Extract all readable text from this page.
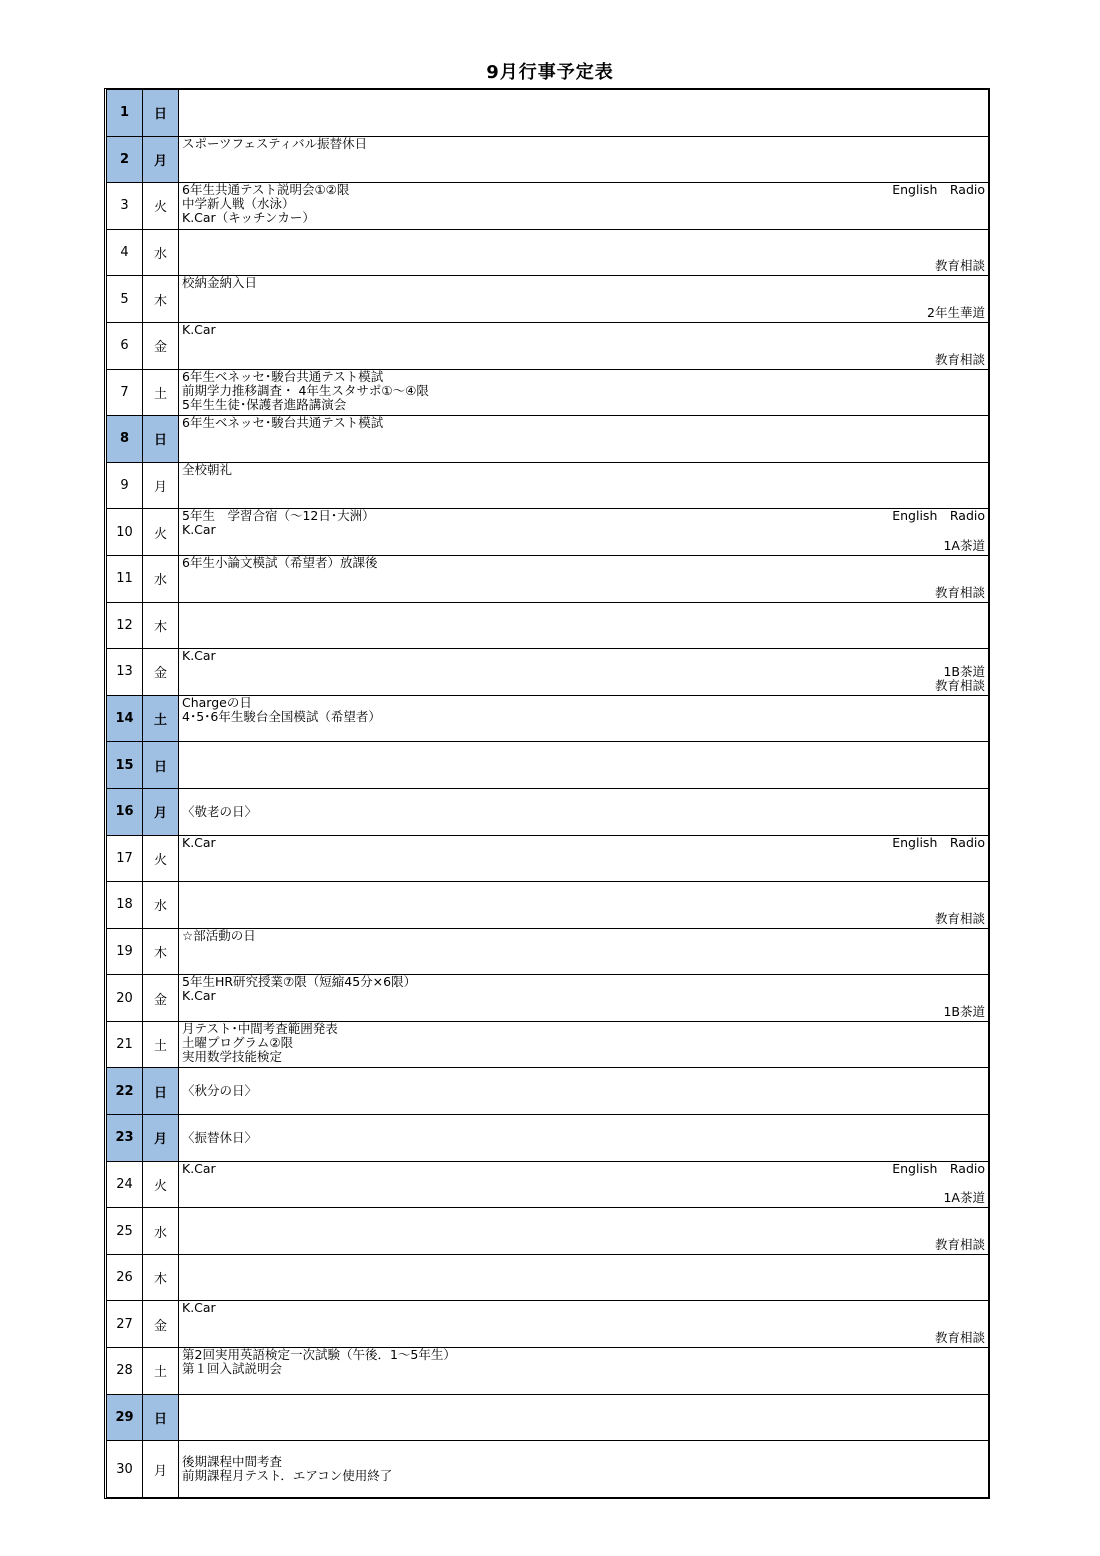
9月行事予定表
1	日
2	月
スポーツフェスティバル振替休日
3	火
6年生共通テスト説明会①②限
中学新人戦（水泳）
K.Car（キッチンカー）
English　Radio
4	水
教育相談
5	木
校納金納入日
2年生華道
6	金
K.Car
教育相談
7	土
6年生ベネッセ･駿台共通テスト模試
前期学力推移調査・ 4年生スタサポ①～④限
5年生生徒･保護者進路講演会
8	日
6年生ベネッセ･駿台共通テスト模試
9	月
全校朝礼
10	火
5年生　学習合宿（～12日･大洲）
K.Car
English　Radio
1A茶道
11	水
6年生小論文模試（希望者）放課後
教育相談
12	木
13	金
K.Car
1B茶道
教育相談
14	土
Chargeの日
4･5･6年生駿台全国模試（希望者）
15	日
16	月	〈敬老の日〉
17	火
K.Car	English　Radio
18	水
教育相談
19	木
☆部活動の日
20	金
5年生HR研究授業⑦限（短縮45分×6限）
K.Car
1B茶道
21	土
月テスト･中間考査範囲発表
土曜プログラム②限
実用数学技能検定
22	日	〈秋分の日〉
23	月	〈振替休日〉
24	火
K.Car	English　Radio
1A茶道
25	水
教育相談
26	木
27	金
K.Car
教育相談
28	土
第2回実用英語検定一次試験（午後．1～5年生）
第１回入試説明会
29	日
30	月
後期課程中間考査
前期課程月テスト．エアコン使用終了
